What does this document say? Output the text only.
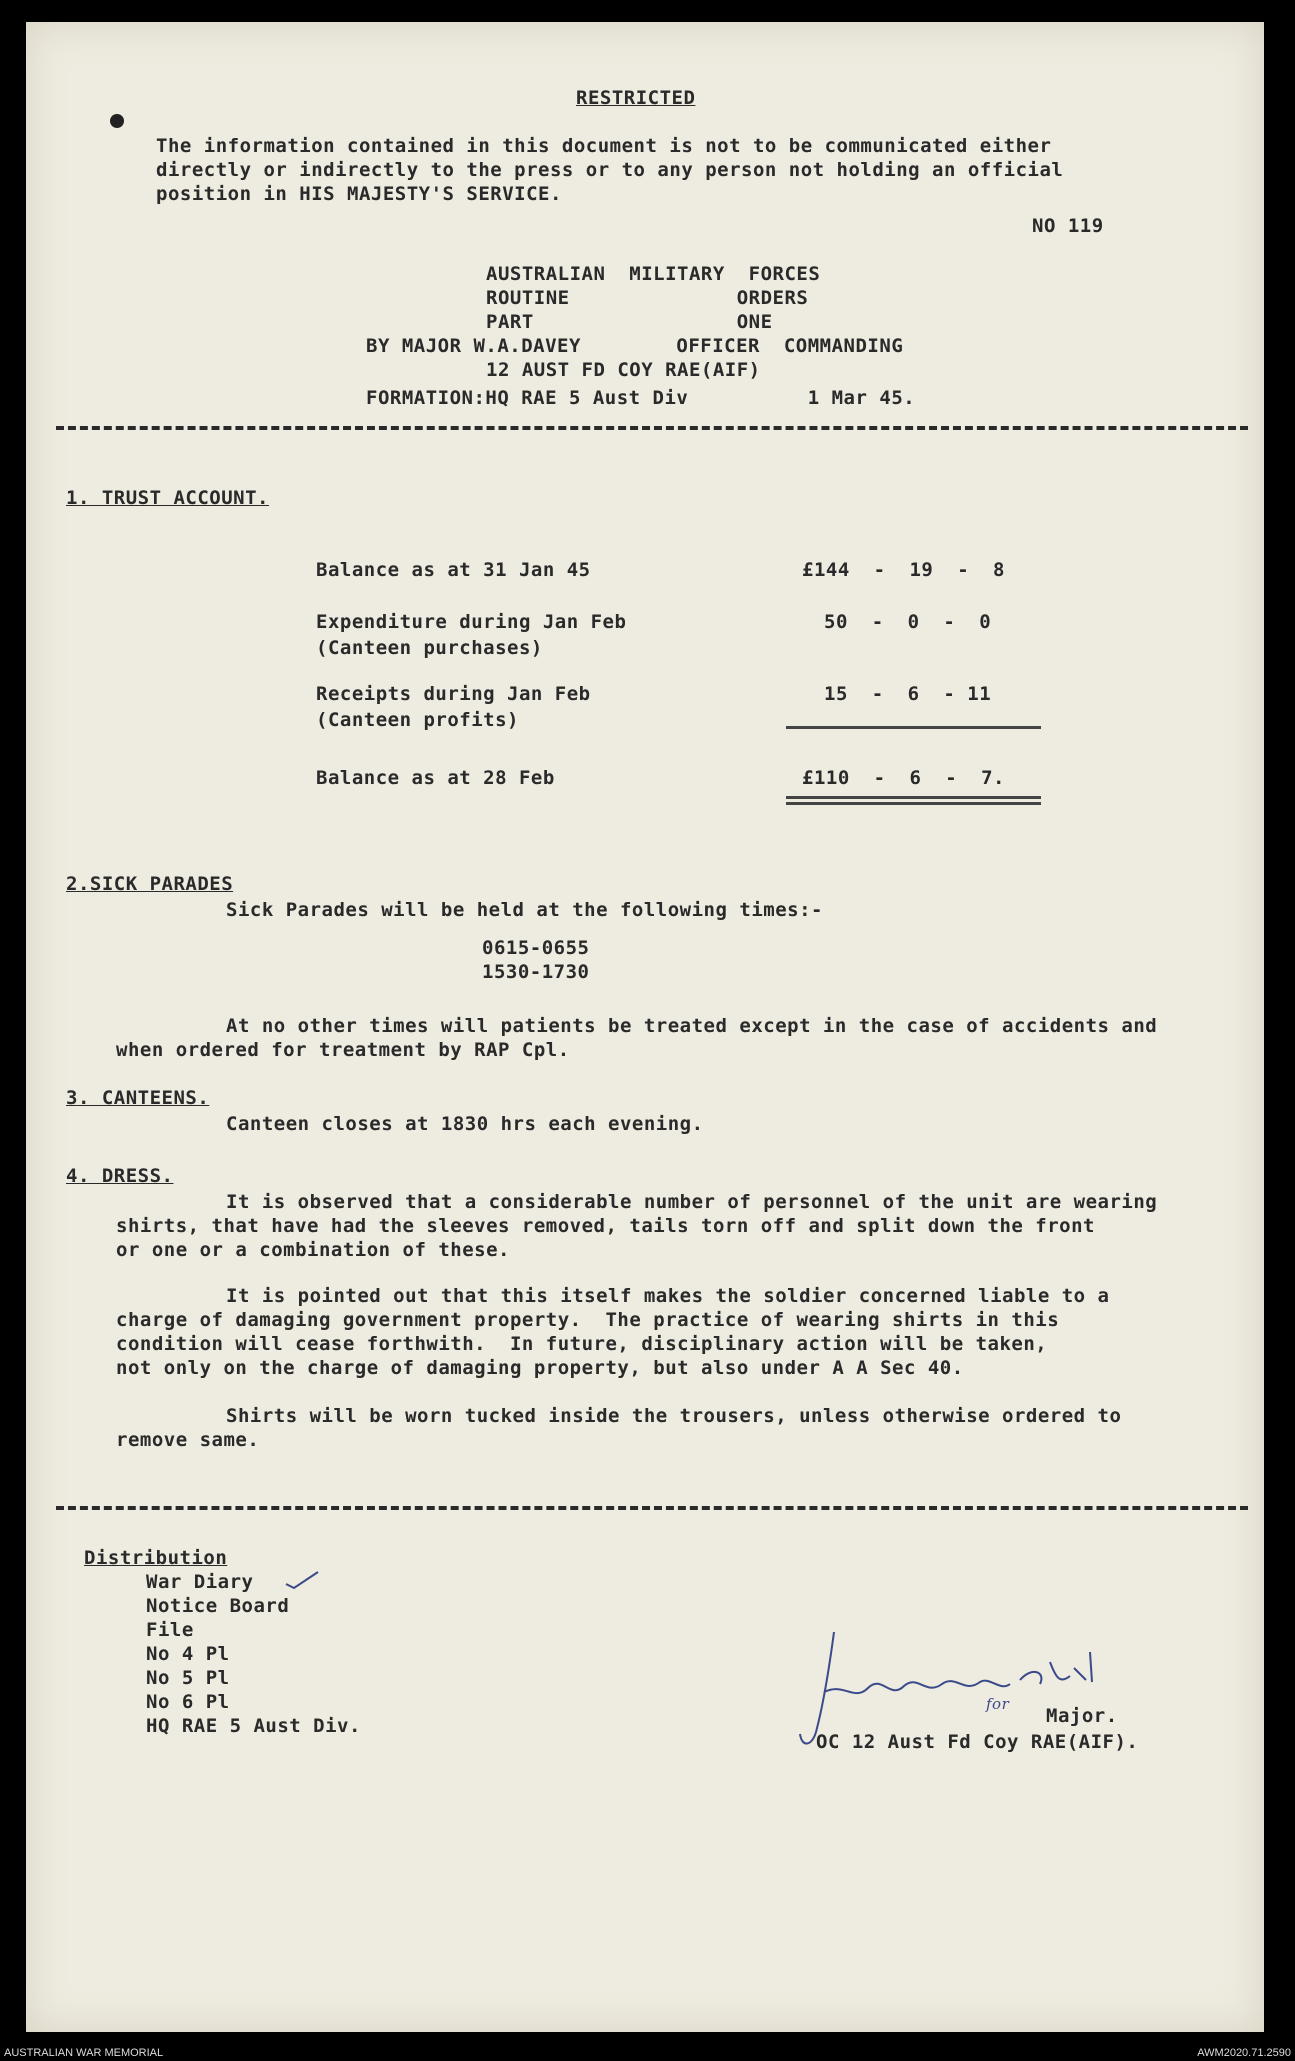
RESTRICTED
The information contained in this document is not to be communicated either
directly or indirectly to the press or to any person not holding an official
position in HIS MAJESTY'S SERVICE.
NO 119
AUSTRALIAN  MILITARY  FORCES
ROUTINE              ORDERS
PART                 ONE
BY MAJOR W.A.DAVEY        OFFICER  COMMANDING
12 AUST FD COY RAE(AIF)
FORMATION:HQ RAE 5 Aust Div          1 Mar 45.
1. TRUST ACCOUNT.
Balance as at 31 Jan 45	£144  -  19  -  8
Expenditure during Jan Feb
(Canteen purchases)
50  -  0  -  0
Receipts during Jan Feb
(Canteen profits)
15  -  6  - 11
Balance as at 28 Feb	£110  -  6  -  7.
2.SICK PARADES
Sick Parades will be held at the following times:-
0615-0655
1530-1730
At no other times will patients be treated except in the case of accidents and
when ordered for treatment by RAP Cpl.
3. CANTEENS.
Canteen closes at 1830 hrs each evening.
4. DRESS.
It is observed that a considerable number of personnel of the unit are wearing
shirts, that have had the sleeves removed, tails torn off and split down the front
or one or a combination of these.
It is pointed out that this itself makes the soldier concerned liable to a
charge of damaging government property.  The practice of wearing shirts in this
condition will cease forthwith.  In future, disciplinary action will be taken,
not only on the charge of damaging property, but also under A A Sec 40.
Shirts will be worn tucked inside the trousers, unless otherwise ordered to
remove same.
Distribution
War Diary
Notice Board
File
No 4 Pl
No 5 Pl
No 6 Pl
HQ RAE 5 Aust Div.
for
Major.
OC 12 Aust Fd Coy RAE(AIF).
AUSTRALIAN WAR MEMORIAL	AWM2020.71.2590
